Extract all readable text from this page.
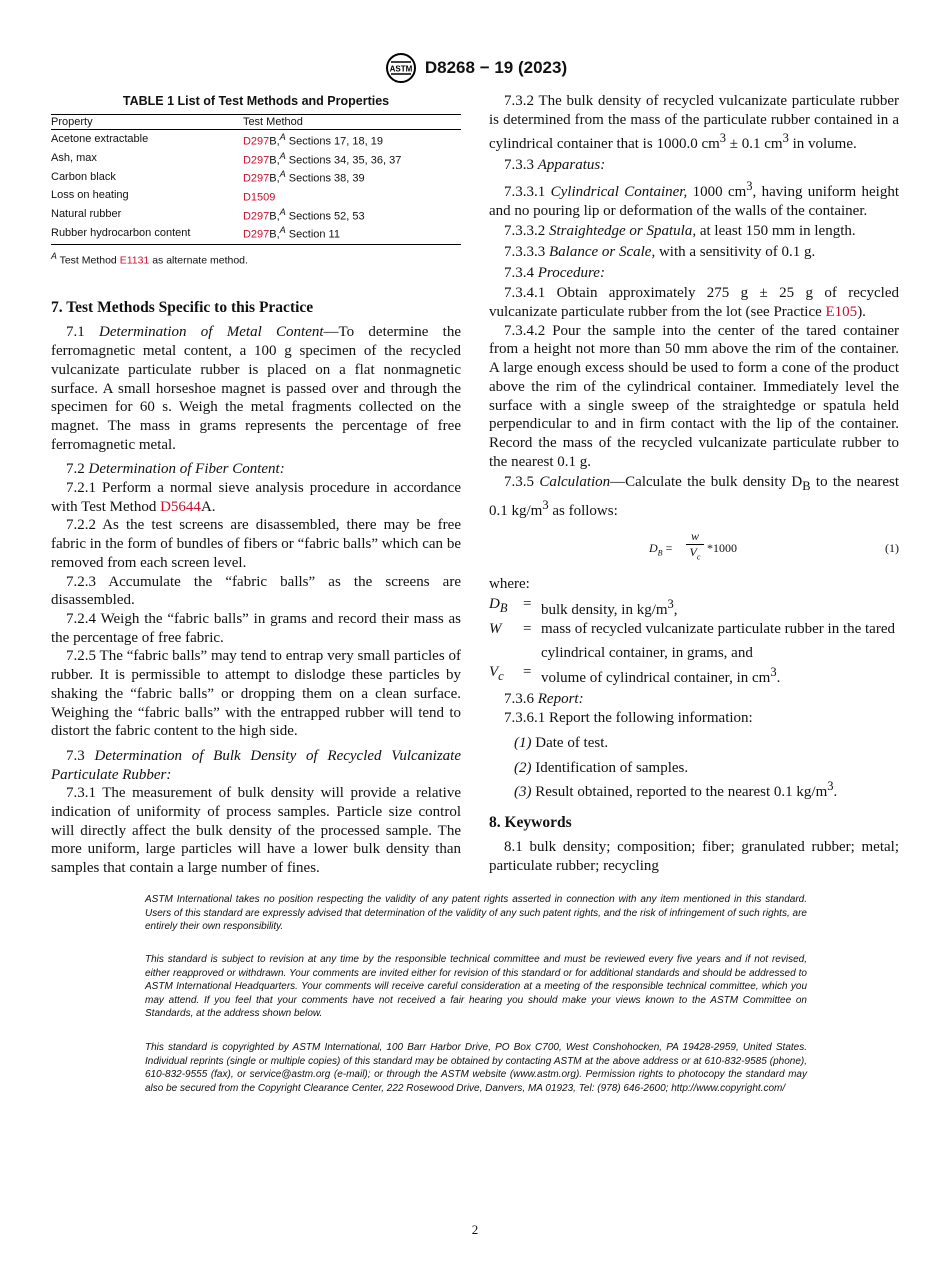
ASTM D8268 − 19 (2023)
TABLE 1 List of Test Methods and Properties
Property	Test Method
Acetone extractable	D297B,$^A$ Sections 17, 18, 19
Ash, max	D297B,$^A$ Sections 34, 35, 36, 37
Carbon black	D297B,$^A$ Sections 38, 39
Loss on heating	D1509
Natural rubber	D297B,$^A$ Sections 52, 53
Rubber hydrocarbon content	D297B,$^A$ Section 11
$^A$ Test Method E1131 as alternate method.
7. Test Methods Specific to this Practice

7.1 Determination of Metal Content—To determine the ferromagnetic metal content, a 100 g specimen of the recycled vulcanizate particulate rubber is placed on a flat nonmagnetic surface. A small horseshoe magnet is passed over and through the specimen for 60 s. Weigh the metal fragments collected on the magnet. The mass in grams represents the percentage of free ferromagnetic metal.

7.2 Determination of Fiber Content:

7.2.1 Perform a normal sieve analysis procedure in accordance with Test Method D5644A.

7.2.2 As the test screens are disassembled, there may be free fabric in the form of bundles of fibers or “fabric balls” which can be removed from each screen level.

7.2.3 Accumulate the “fabric balls” as the screens are disassembled.

7.2.4 Weigh the “fabric balls” in grams and record their mass as the percentage of free fabric.

7.2.5 The “fabric balls” may tend to entrap very small particles of rubber. It is permissible to attempt to dislodge these particles by shaking the “fabric balls” or dropping them on a clean surface. Weighing the “fabric balls” with the entrapped rubber will tend to distort the fabric content to the high side.

7.3 Determination of Bulk Density of Recycled Vulcanizate Particulate Rubber:

7.3.1 The measurement of bulk density will provide a relative indication of uniformity of process samples. Particle size control will directly affect the bulk density of the processed sample. The more uniform, large particles will have a lower bulk density than samples that contain a large number of fines.

7.3.2 The bulk density of recycled vulcanizate particulate rubber is determined from the mass of the particulate rubber contained in a cylindrical container that is 1000.0 $cm^3 \pm 0.1$ $cm^3$ in volume.

7.3.3 Apparatus:

7.3.3.1 Cylindrical Container, 1000 $cm^3$, having uniform height and no pouring lip or deformation of the walls of the container.

7.3.3.2 Straightedge or Spatula, at least 150 mm in length.

7.3.3.3 Balance or Scale, with a sensitivity of 0.1 g.

7.3.4 Procedure:

7.3.4.1 Obtain approximately 275 g ± 25 g of recycled vulcanizate particulate rubber from the lot (see Practice E105).

7.3.4.2 Pour the sample into the center of the tared container from a height not more than 50 mm above the rim of the container. A large enough excess should be used to form a cone of the product above the rim of the cylindrical container. Immediately level the surface with a single sweep of the straightedge or spatula held perpendicular to and in firm contact with the lip of the container. Record the mass of the recycled vulcanizate particulate rubber to the nearest 0.1 g.

7.3.5 Calculation—Calculate the bulk density $D_B$ to the nearest 0.1 $kg/m^3$ as follows:

$D_B = \frac{w}{V_c} *1000$	(1)

where:

$D_B$	= bulk density, in $kg/m^3$,
W	= mass of recycled vulcanizate particulate rubber in the tared cylindrical container, in grams, and
$V_c$	= volume of cylindrical container, in $cm^3$.

7.3.6 Report:

7.3.6.1 Report the following information:

(1) Date of test.
(2) Identification of samples.
(3) Result obtained, reported to the nearest 0.1 $kg/m^3$.
8. Keywords

8.1 bulk density; composition; fiber; granulated rubber; metal; particulate rubber; recycling

ASTM International takes no position respecting the validity of any patent rights asserted in connection with any item mentioned in this standard. Users of this standard are expressly advised that determination of the validity of any such patent rights, and the risk of infringement of such rights, are entirely their own responsibility.
This standard is subject to revision at any time by the responsible technical committee and must be reviewed every five years and if not revised, either reapproved or withdrawn. Your comments are invited either for revision of this standard or for additional standards and should be addressed to ASTM International Headquarters. Your comments will receive careful consideration at a meeting of the responsible technical committee, which you may attend. If you feel that your comments have not received a fair hearing you should make your views known to the ASTM Committee on Standards, at the address shown below.
This standard is copyrighted by ASTM International, 100 Barr Harbor Drive, PO Box C700, West Conshohocken, PA 19428-2959, United States. Individual reprints (single or multiple copies) of this standard may be obtained by contacting ASTM at the above address or at 610-832-9585 (phone), 610-832-9555 (fax), or service@astm.org (e-mail); or through the ASTM website (www.astm.org). Permission rights to photocopy the standard may also be secured from the Copyright Clearance Center, 222 Rosewood Drive, Danvers, MA 01923, Tel: (978) 646-2600; http://www.copyright.com/
2
